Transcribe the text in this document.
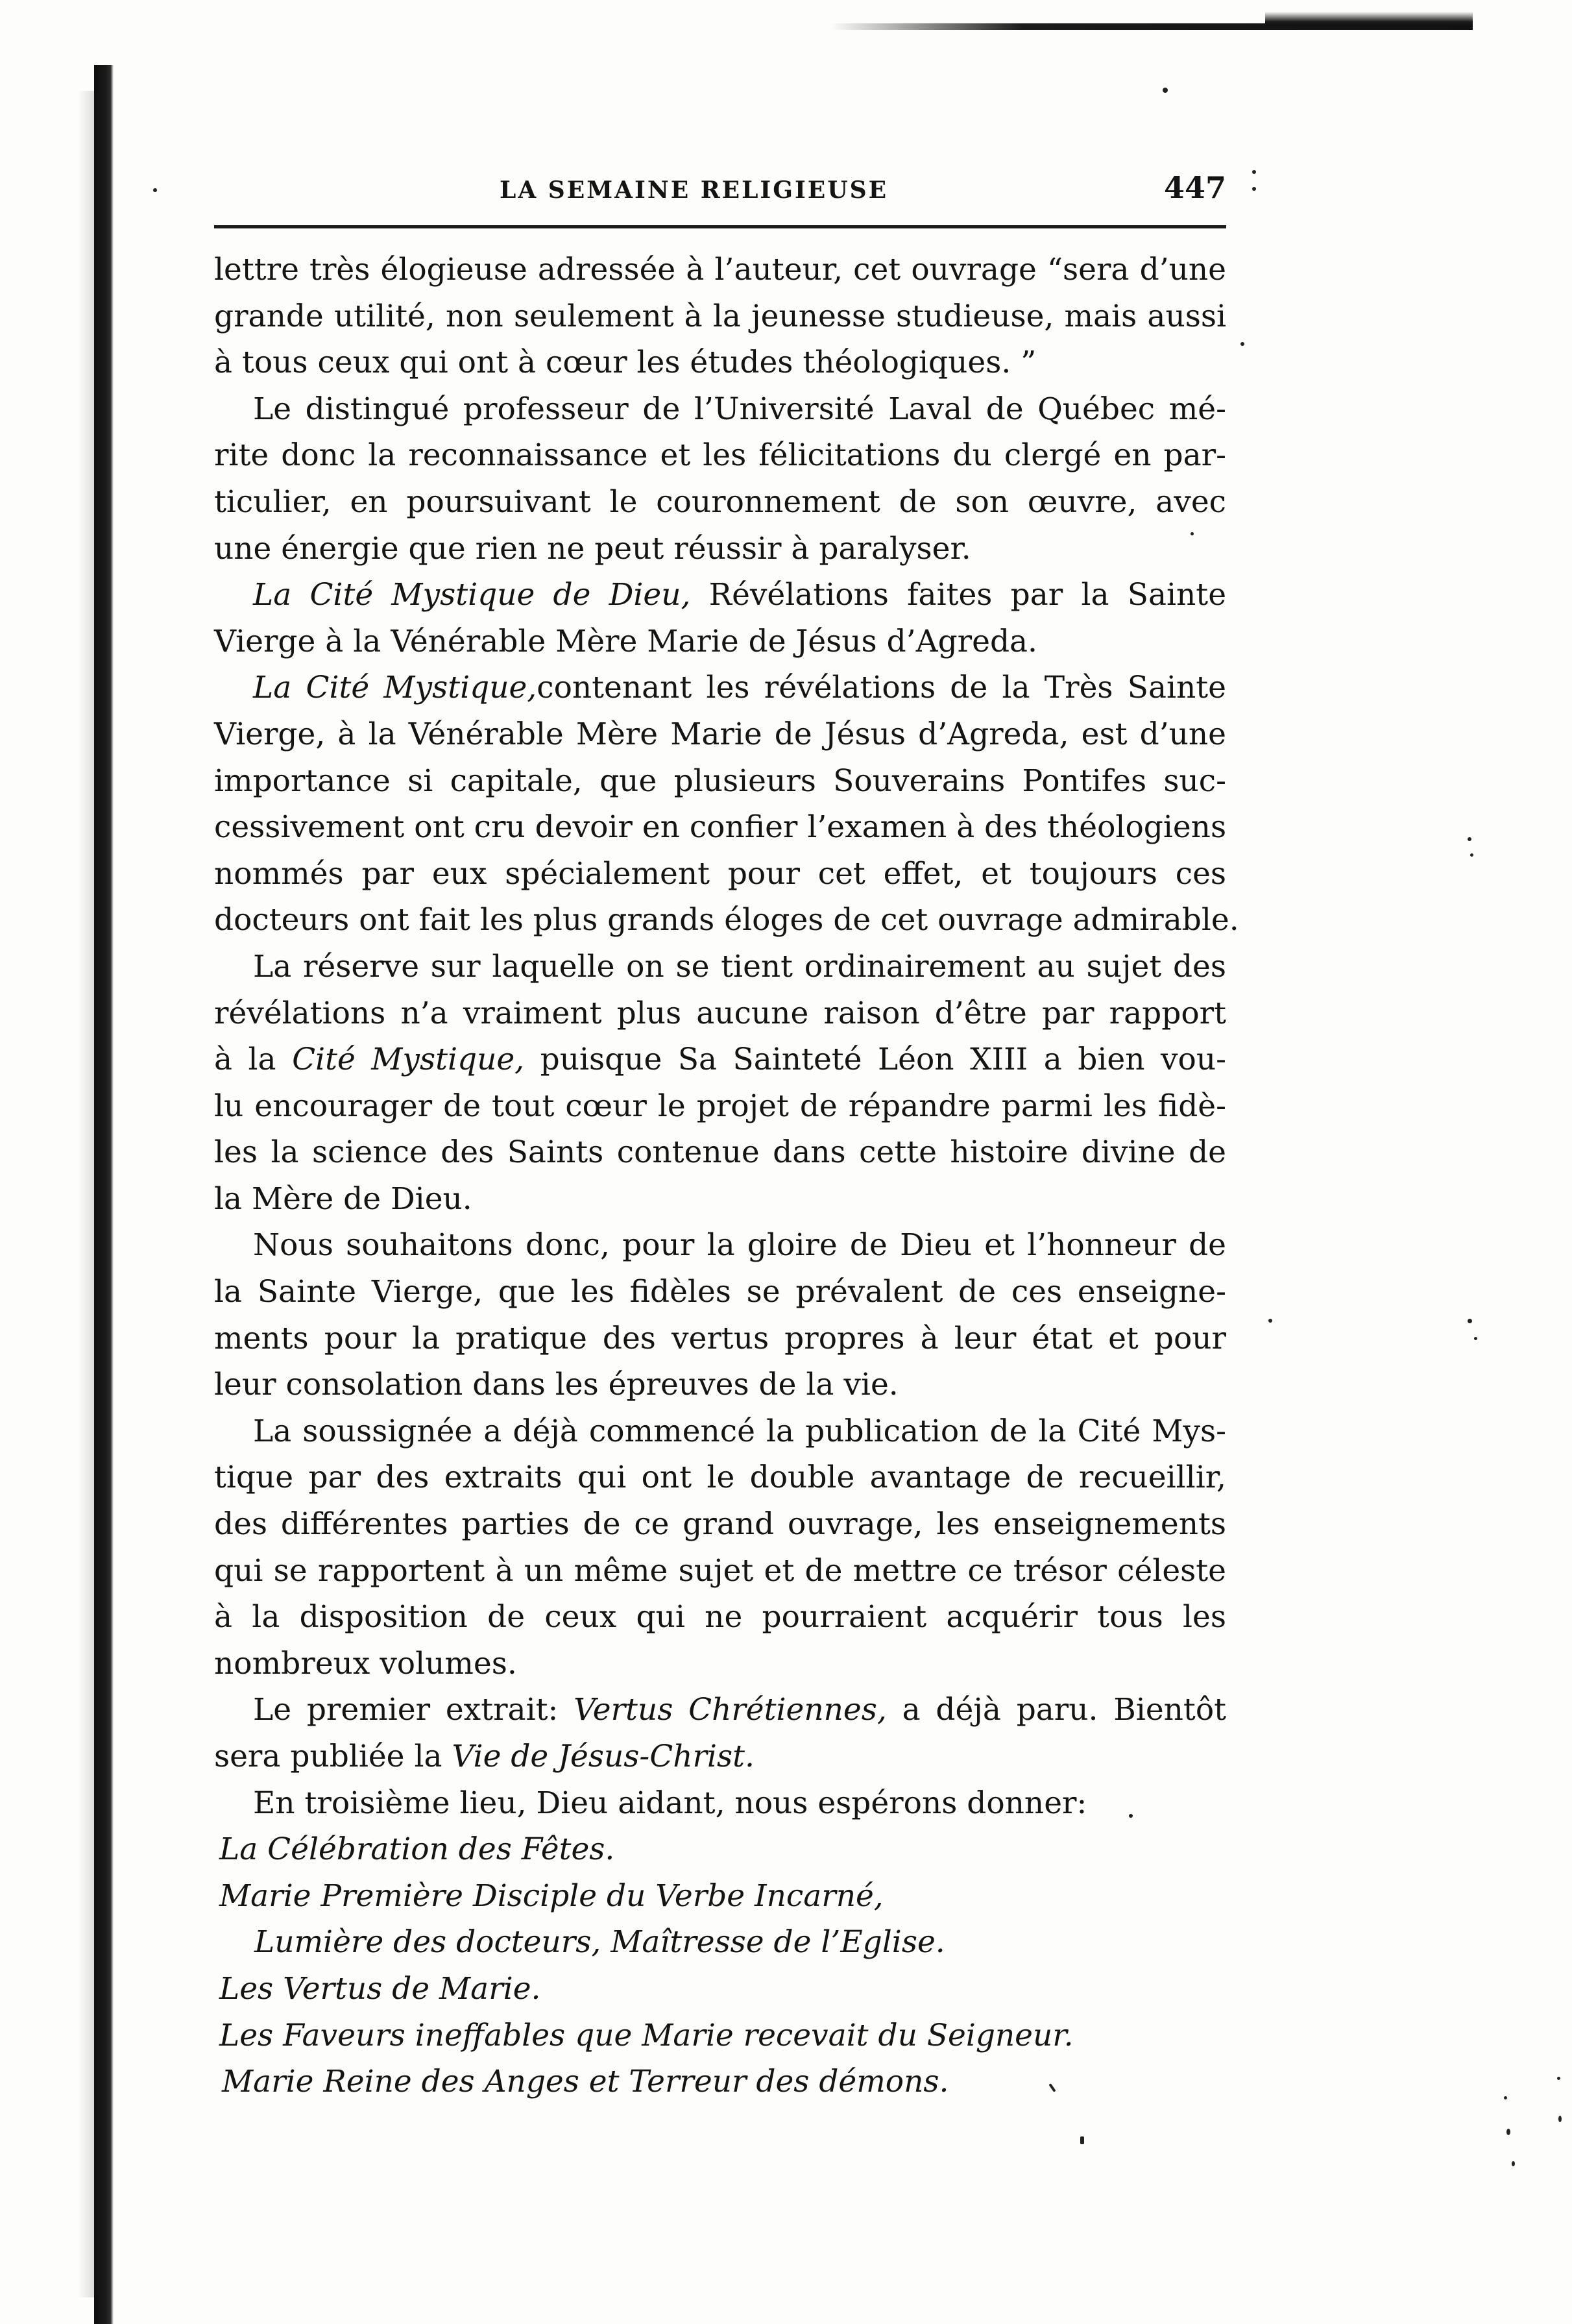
LA SEMAINE RELIGIEUSE	447
lettre très élogieuse adressée à l’auteur, cet ouvrage “sera d’une
grande utilité, non seulement à la jeunesse studieuse, mais aussi
à tous ceux qui ont à cœur les études théologiques. ”
Le distingué professeur de l’Université Laval de Québec mé-
rite donc la reconnaissance et les félicitations du clergé en par-
ticulier, en poursuivant le couronnement de son œuvre, avec
une énergie que rien ne peut réussir à paralyser.
La Cité Mystique de Dieu, Révélations faites par la Sainte
Vierge à la Vénérable Mère Marie de Jésus d’Agreda.
La Cité Mystique,contenant les révélations de la Très Sainte
Vierge, à la Vénérable Mère Marie de Jésus d’Agreda, est d’une
importance si capitale, que plusieurs Souverains Pontifes suc-
cessivement ont cru devoir en confier l’examen à des théologiens
nommés par eux spécialement pour cet effet, et toujours ces
docteurs ont fait les plus grands éloges de cet ouvrage admirable.
La réserve sur laquelle on se tient ordinairement au sujet des
révélations n’a vraiment plus aucune raison d’être par rapport
à la Cité Mystique, puisque Sa Sainteté Léon XIII a bien vou-
lu encourager de tout cœur le projet de répandre parmi les fidè-
les la science des Saints contenue dans cette histoire divine de
la Mère de Dieu.
Nous souhaitons donc, pour la gloire de Dieu et l’honneur de
la Sainte Vierge, que les fidèles se prévalent de ces enseigne-
ments pour la pratique des vertus propres à leur état et pour
leur consolation dans les épreuves de la vie.
La soussignée a déjà commencé la publication de la Cité Mys-
tique par des extraits qui ont le double avantage de recueillir,
des différentes parties de ce grand ouvrage, les enseignements
qui se rapportent à un même sujet et de mettre ce trésor céleste
à la disposition de ceux qui ne pourraient acquérir tous les
nombreux volumes.
Le premier extrait: Vertus Chrétiennes, a déjà paru. Bientôt
sera publiée la Vie de Jésus-Christ.
En troisième lieu, Dieu aidant, nous espérons donner:
La Célébration des Fêtes.
Marie Première Disciple du Verbe Incarné,
Lumière des docteurs, Maîtresse de l’Eglise.
Les Vertus de Marie.
Les Faveurs ineffables que Marie recevait du Seigneur.
Marie Reine des Anges et Terreur des démons.
